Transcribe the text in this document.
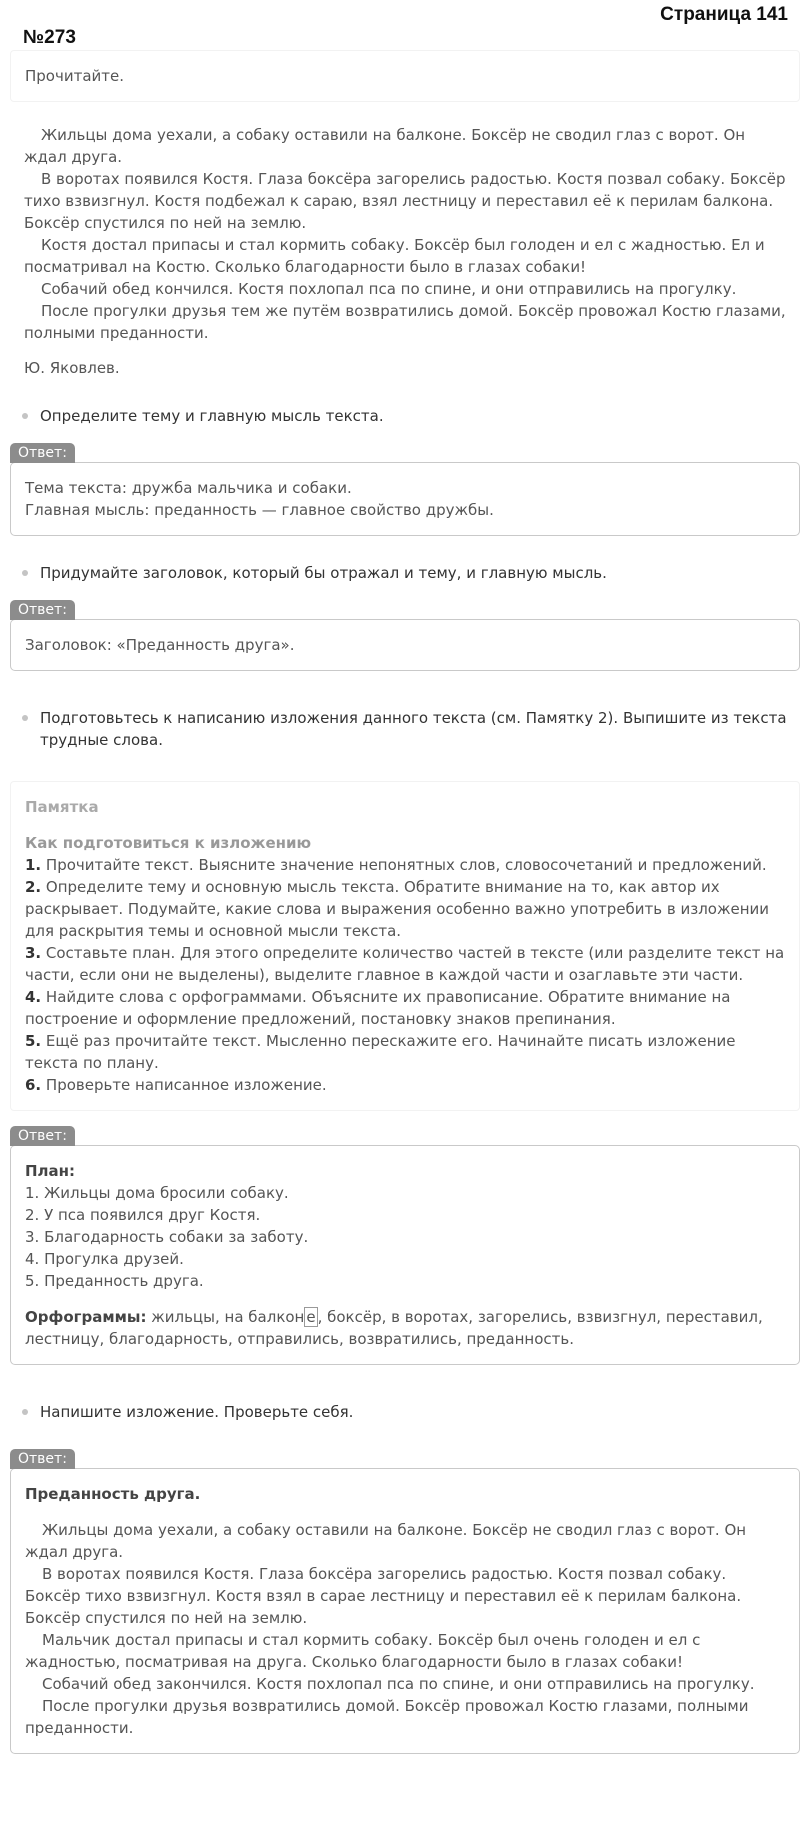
Страница 141

№273

Прочитайте.

Жильцы дома уехали, а собаку оставили на балконе. Боксёр не сводил глаз с ворот. Он ждал друга.

В воротах появился Костя. Глаза боксёра загорелись радостью. Костя позвал собаку. Боксёр тихо взвизгнул. Костя подбежал к сараю, взял лестницу и переставил её к перилам балкона. Боксёр спустился по ней на землю.

Костя достал припасы и стал кормить собаку. Боксёр был голоден и ел с жадностью. Ел и посматривал на Костю. Сколько благодарности было в глазах собаки!

Собачий обед кончился. Костя похлопал пса по спине, и они отправились на прогулку.

После прогулки друзья тем же путём возвратились домой. Боксёр провожал Костю глазами, полными преданности.

Ю. Яковлев.

Определите тему и главную мысль текста.

Ответ:

Тема текста: дружба мальчика и собаки.

Главная мысль: преданность — главное свойство дружбы.

Придумайте заголовок, который бы отражал и тему, и главную мысль.

Ответ:

Заголовок: «Преданность друга».

Подготовьтесь к написанию изложения данного текста (см. Памятку 2). Выпишите из текста трудные слова.

Памятка

Как подготовиться к изложению

1. Прочитайте текст. Выясните значение непонятных слов, словосочетаний и предложений.

2. Определите тему и основную мысль текста. Обратите внимание на то, как автор их раскрывает. Подумайте, какие слова и выражения особенно важно употребить в изложении для раскрытия темы и основной мысли текста.

3. Составьте план. Для этого определите количество частей в тексте (или разделите текст на части, если они не выделены), выделите главное в каждой части и озаглавьте эти части.

4. Найдите слова с орфограммами. Объясните их правописание. Обратите внимание на построение и оформление предложений, постановку знаков препинания.

5. Ещё раз прочитайте текст. Мысленно перескажите его. Начинайте писать изложение текста по плану.

6. Проверьте написанное изложение.

Ответ:

План:

1. Жильцы дома бросили собаку.

2. У пса появился друг Костя.

3. Благодарность собаки за заботу.

4. Прогулка друзей.

5. Преданность друга.

Орфограммы: жильцы, на балкон е , боксёр, в воротах, загорелись, взвизгнул, переставил, лестницу, благодарность, отправились, возвратились, преданность.

Напишите изложение. Проверьте себя.

Ответ:

Преданность друга.

Жильцы дома уехали, а собаку оставили на балконе. Боксёр не сводил глаз с ворот. Он ждал друга.

В воротах появился Костя. Глаза боксёра загорелись радостью. Костя позвал собаку. Боксёр тихо взвизгнул. Костя взял в сарае лестницу и переставил её к перилам балкона. Боксёр спустился по ней на землю.

Мальчик достал припасы и стал кормить собаку. Боксёр был очень голоден и ел с жадностью, посматривая на друга. Сколько благодарности было в глазах собаки!

Собачий обед закончился. Костя похлопал пса по спине, и они отправились на прогулку.

После прогулки друзья возвратились домой. Боксёр провожал Костю глазами, полными преданности.
